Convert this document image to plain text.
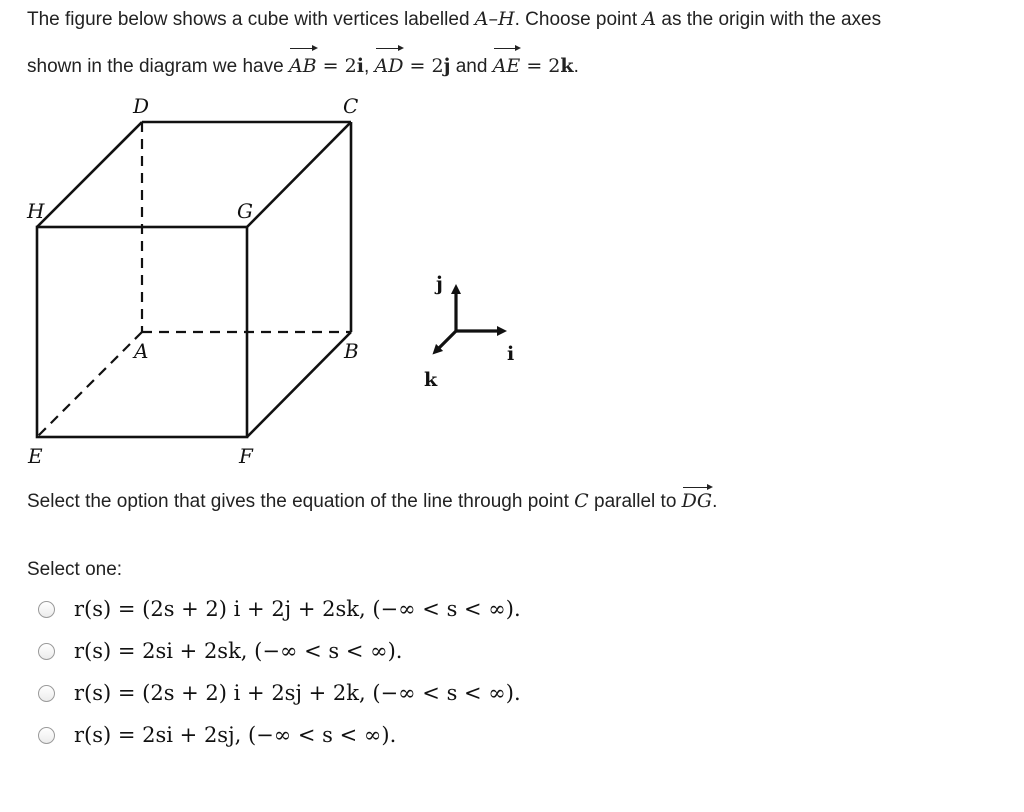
The figure below shows a cube with vertices labelled A–H. Choose point A as the origin with the axes
shown in the diagram we have AB = 2i, AD = 2j and AE = 2k.
D	C
H	G
A	B
E	F
j
i
k
Select the option that gives the equation of the line through point C parallel to DG.
Select one:
r(s) = (2s + 2) i + 2j + 2sk, (−∞ < s < ∞).
r(s) = 2si + 2sk, (−∞ < s < ∞).
r(s) = (2s + 2) i + 2sj + 2k, (−∞ < s < ∞).
r(s) = 2si + 2sj, (−∞ < s < ∞).
